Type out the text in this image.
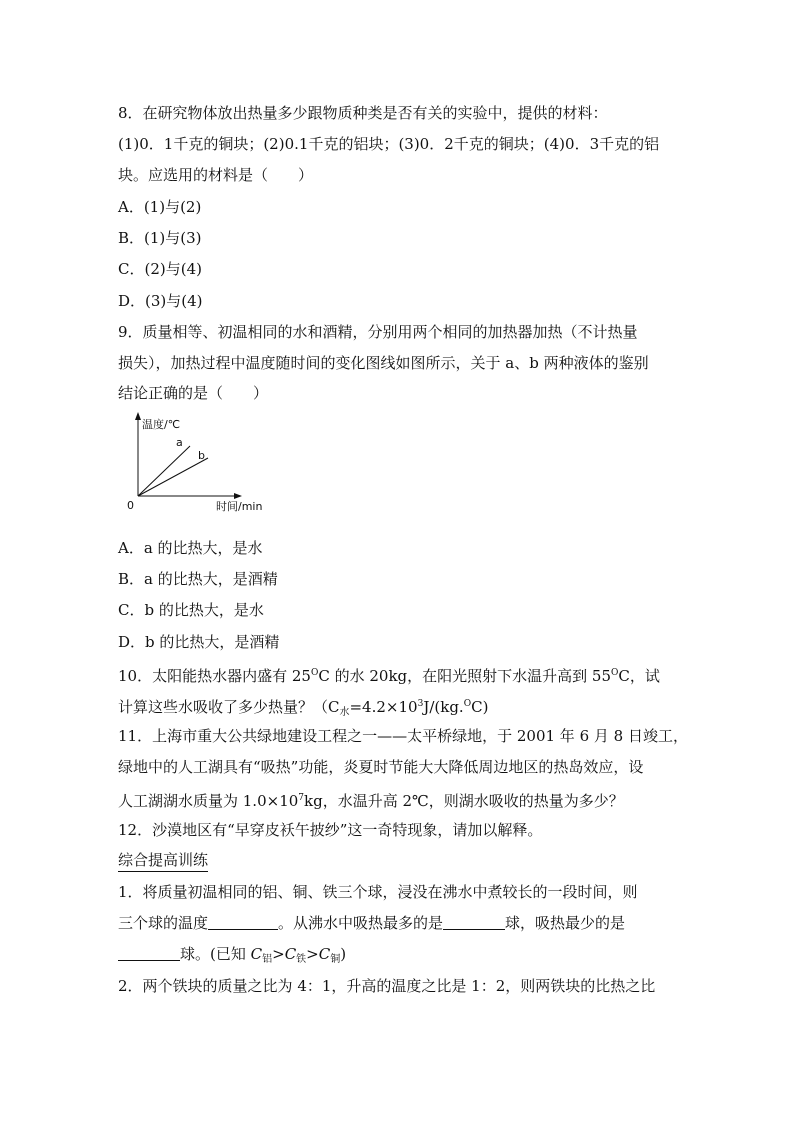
8．在研究物体放出热量多少跟物质种类是否有关的实验中，提供的材料：
(1)0．1千克的铜块；(2)0.1千克的铝块；(3)0．2千克的铜块；(4)0．3千克的铝
块。应选用的材料是（　　）
A．(1)与(2)
B．(1)与(3)
C．(2)与(4)
D．(3)与(4)
9．质量相等、初温相同的水和酒精，分别用两个相同的加热器加热（不计热量
损失），加热过程中温度随时间的变化图线如图所示，关于 a、b 两种液体的鉴别
结论正确的是（　　）
温度/℃
a
b
0	时间/min
A．a 的比热大，是水
B．a 的比热大，是酒精
C．b 的比热大，是水
D．b 的比热大，是酒精
10．太阳能热水器内盛有 $25^OC$ 的水 20kg，在阳光照射下水温升高到 $55^OC$，试
计算这些水吸收了多少热量？（$C_水=4.2\times 10^3J/(kg.^OC)$
11．上海市重大公共绿地建设工程之一——太平桥绿地，于 2001 年 6 月 8 日竣工，
绿地中的人工湖具有“吸热”功能，炎夏时节能大大降低周边地区的热岛效应，设
人工湖湖水质量为 $1.0\times 10^7kg$，水温升高 2℃，则湖水吸收的热量为多少？
12．沙漠地区有“早穿皮袄午披纱”这一奇特现象，请加以解释。
综合提高训练
1．将质量初温相同的铝、铜、铁三个球，浸没在沸水中煮较长的一段时间，则
三个球的温度	。从沸水中吸热最多的是	球，吸热最少的是
球。(已知 $C_铝>C_铁>C_铜$)
2．两个铁块的质量之比为 4：1，升高的温度之比是 1：2，则两铁块的比热之比
